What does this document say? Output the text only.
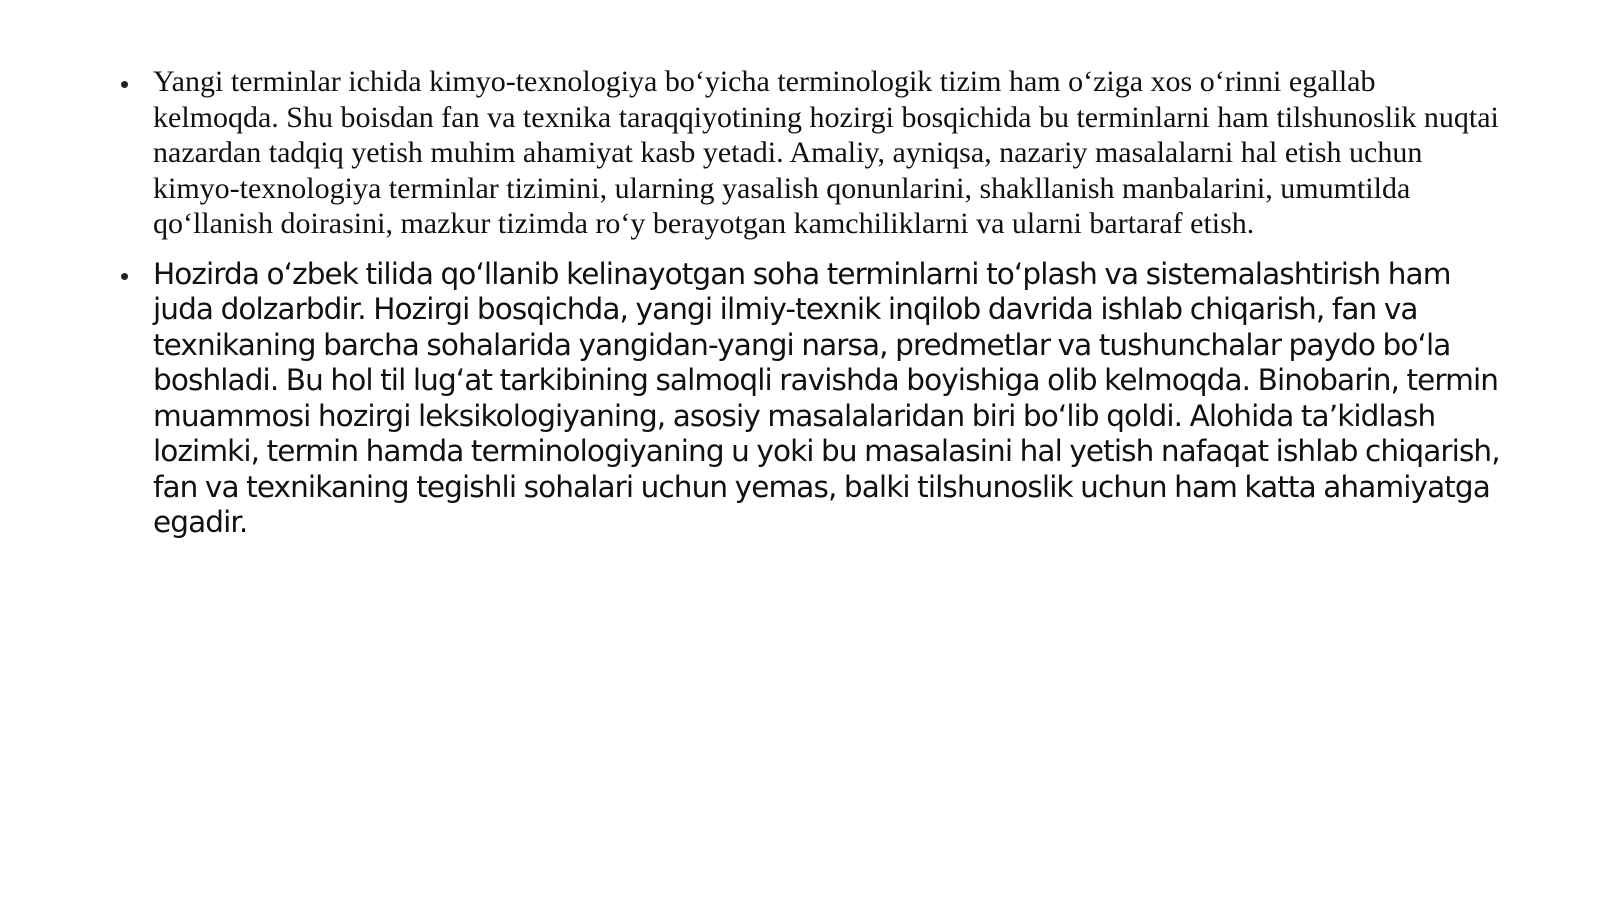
• Yangi terminlar ichida kimyo-texnologiya bo‘yicha terminologik tizim ham o‘ziga xos o‘rinni egallab kelmoqda. Shu boisdan fan va texnika taraqqiyotining hozirgi bosqichida bu terminlarni ham tilshunoslik nuqtai nazardan tadqiq yetish muhim ahamiyat kasb yetadi. Amaliy, ayniqsa, nazariy masalalarni hal etish uchun kimyo-texnologiya terminlar tizimini, ularning yasalish qonunlarini, shakllanish manbalarini, umumtilda qo‘llanish doirasini, mazkur tizimda ro‘y berayotgan kamchiliklarni va ularni bartaraf etish.
• Hozirda o‘zbek tilida qo‘llanib kelinayotgan soha terminlarni to‘plash va sistemalashtirish ham juda dolzarbdir. Hozirgi bosqichda, yangi ilmiy-texnik inqilob davrida ishlab chiqarish, fan va texnikaning barcha sohalarida yangidan-yangi narsa, predmetlar va tushunchalar paydo bo‘la boshladi. Bu hol til lug‘at tarkibining salmoqli ravishda boyishiga olib kelmoqda. Binobarin, termin muammosi hozirgi leksikologiyaning, asosiy masalalaridan biri bo‘lib qoldi. Alohida ta’kidlash lozimki, termin hamda terminologiyaning u yoki bu masalasini hal yetish nafaqat ishlab chiqarish, fan va texnikaning tegishli sohalari uchun yemas, balki tilshunoslik uchun ham katta ahamiyatga egadir.
